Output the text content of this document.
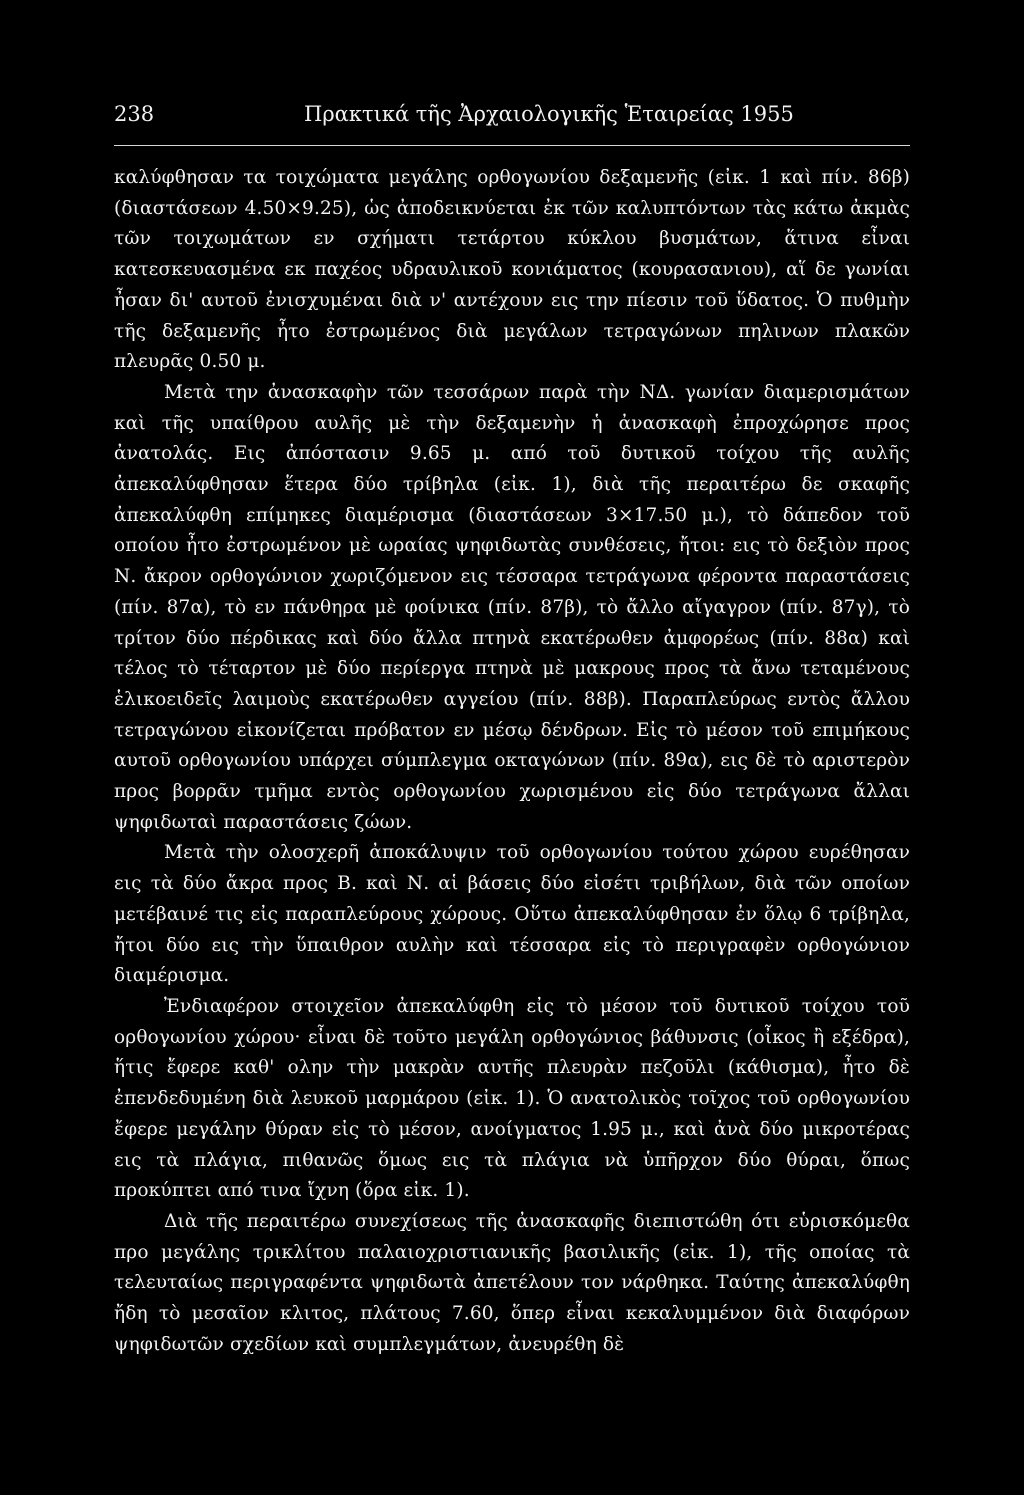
238	Πρακτικά τῆς Ἀρχαιολογικῆς Ἑταιρείας 1955

καλύφθησαν τα τοιχώματα μεγάλης ορθογωνίου δεξαμενῆς (εἰκ. 1 καὶ πίν. 86β) (διαστάσεων 4.50×9.25), ὡς ἀποδεικνύεται ἐκ τῶν καλυπτόντων τὰς κάτω ἀκμὰς τῶν τοιχωμάτων εν σχήματι τετάρτου κύκλου βυσμάτων, ἅτινα εἶναι κατεσκευασμένα εκ παχέος υδραυλικοῦ κονιάματος (κουρασανιου), αἵ δε γωνίαι ἦσαν δι' αυτοῦ ἐνισχυμέναι διὰ ν' αντέχουν εις την πίεσιν τοῦ ὕδατος. Ὁ πυθμὴν τῆς δεξαμενῆς ἦτο ἐστρωμένος διὰ μεγάλων τετραγώνων πηλινων πλακῶν πλευρᾶς 0.50 μ.

Μετὰ την ἀνασκαφὴν τῶν τεσσάρων παρὰ τὴν ΝΔ. γωνίαν διαμερισμάτων καὶ τῆς υπαίθρου αυλῆς μὲ τὴν δεξαμενὴν ἡ ἀνασκαφὴ ἐπροχώρησε προς ἀνατολάς. Εις ἀπόστασιν 9.65 μ. από τοῦ δυτικοῦ τοίχου τῆς αυλῆς ἀπεκαλύφθησαν ἕτερα δύο τρίβηλα (εἰκ. 1), διὰ τῆς περαιτέρω δε σκαφῆς ἀπεκαλύφθη επίμηκες διαμέρισμα (διαστάσεων 3×17.50 μ.), τὸ δάπεδον τοῦ οποίου ἦτο ἐστρωμένον μὲ ωραίας ψηφιδωτὰς συνθέσεις, ἤτοι: εις τὸ δεξιὸν προς Ν. ἄκρον ορθογώνιον χωριζόμενον εις τέσσαρα τετράγωνα φέροντα παραστάσεις (πίν. 87α), τὸ εν πάνθηρα μὲ φοίνικα (πίν. 87β), τὸ ἄλλο αἴγαγρον (πίν. 87γ), τὸ τρίτον δύο πέρδικας καὶ δύο ἄλλα πτηνὰ εκατέρωθεν ἀμφορέως (πίν. 88α) καὶ τέλος τὸ τέταρτον μὲ δύο περίεργα πτηνὰ μὲ μακρους προς τὰ ἄνω τεταμένους ἑλικοειδεῖς λαιμοὺς εκατέρωθεν αγγείου (πίν. 88β). Παραπλεύρως εντὸς ἄλλου τετραγώνου εἰκονίζεται πρόβατον εν μέσῳ δένδρων. Εἰς τὸ μέσον τοῦ επιμήκους αυτοῦ ορθογωνίου υπάρχει σύμπλεγμα οκταγώνων (πίν. 89α), εις δὲ τὸ αριστερὸν προς βορρᾶν τμῆμα εντὸς ορθογωνίου χωρισμένου εἰς δύο τετράγωνα ἄλλαι ψηφιδωταὶ παραστάσεις ζώων.

Μετὰ τὴν ολοσχερῆ ἀποκάλυψιν τοῦ ορθογωνίου τούτου χώρου ευρέθησαν εις τὰ δύο ἄκρα προς Β. καὶ Ν. αἱ βάσεις δύο εἰσέτι τριβήλων, διὰ τῶν οποίων μετέβαινέ τις εἰς παραπλεύρους χώρους. Οὕτω ἀπεκαλύφθησαν ἐν ὅλῳ 6 τρίβηλα, ἤτοι δύο εις τὴν ὕπαιθρον αυλὴν καὶ τέσσαρα εἰς τὸ περιγραφὲν ορθογώνιον διαμέρισμα.

Ἐνδιαφέρον στοιχεῖον ἀπεκαλύφθη εἰς τὸ μέσον τοῦ δυτικοῦ τοίχου τοῦ ορθογωνίου χώρου· εἶναι δὲ τοῦτο μεγάλη ορθογώνιος βάθυνσις (οἶκος ἢ εξέδρα), ἥτις ἔφερε καθ' ολην τὴν μακρὰν αυτῆς πλευρὰν πεζοῦλι (κάθισμα), ἦτο δὲ ἐπενδεδυμένη διὰ λευκοῦ μαρμάρου (εἰκ. 1). Ὁ ανατολικὸς τοῖχος τοῦ ορθογωνίου ἔφερε μεγάλην θύραν εἰς τὸ μέσον, ανοίγματος 1.95 μ., καὶ ἀνὰ δύο μικροτέρας εις τὰ πλάγια, πιθανῶς ὅμως εις τὰ πλάγια νὰ ὑπῆρχον δύο θύραι, ὅπως προκύπτει από τινα ἴχνη (ὅρα εἰκ. 1).

Διὰ τῆς περαιτέρω συνεχίσεως τῆς ἀνασκαφῆς διεπιστώθη ότι εὑρισκόμεθα προ μεγάλης τρικλίτου παλαιοχριστιανικῆς βασιλικῆς (εἰκ. 1), τῆς οποίας τὰ τελευταίως περιγραφέντα ψηφιδωτὰ ἀπετέλουν τον νάρθηκα. Ταύτης ἀπεκαλύφθη ἤδη τὸ μεσαῖον κλιτος, πλάτους 7.60, ὅπερ εἶναι κεκαλυμμένον διὰ διαφόρων ψηφιδωτῶν σχεδίων καὶ συμπλεγμάτων, ἀνευρέθη δὲ
